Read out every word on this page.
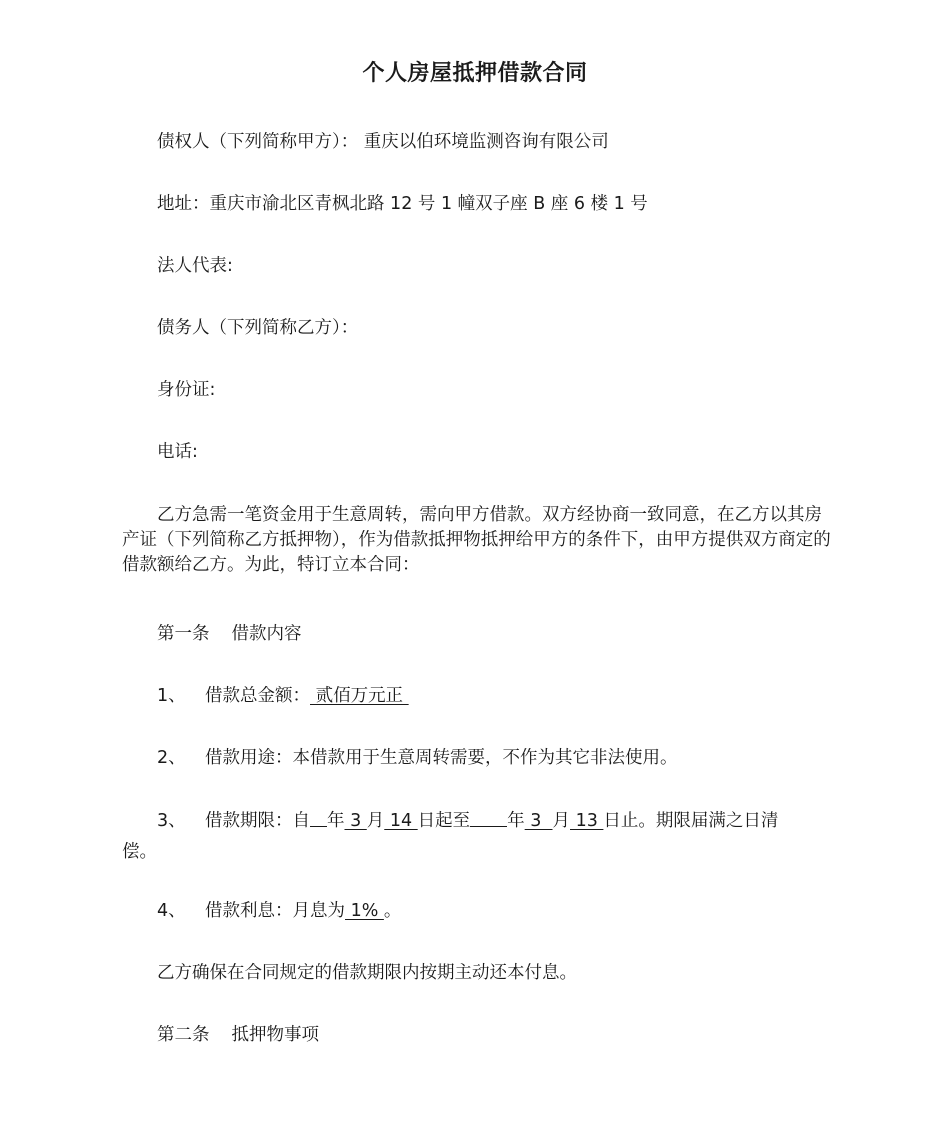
个人房屋抵押借款合同
债权人（下列简称甲方）： 重庆以伯环境监测咨询有限公司
地址：重庆市渝北区青枫北路 12 号 1 幢双子座 B 座 6 楼 1 号
法人代表:
债务人（下列简称乙方）：
身份证:
电话:
乙方急需一笔资金用于生意周转，需向甲方借款。双方经协商一致同意，在乙方以其房产证（下列简称乙方抵押物），作为借款抵押物抵押给甲方的条件下，由甲方提供双方商定的借款额给乙方。为此，特订立本合同：
第一条 借款内容
1、 借款总金额： 贰佰万元正
2、 借款用途：本借款用于生意周转需要，不作为其它非法使用。
3、 借款期限：自 年 3 月 14 日起至 年 3  月 13 日止。期限届满之日清
偿。
4、 借款利息：月息为 1% 。
乙方确保在合同规定的借款期限内按期主动还本付息。
第二条 抵押物事项
